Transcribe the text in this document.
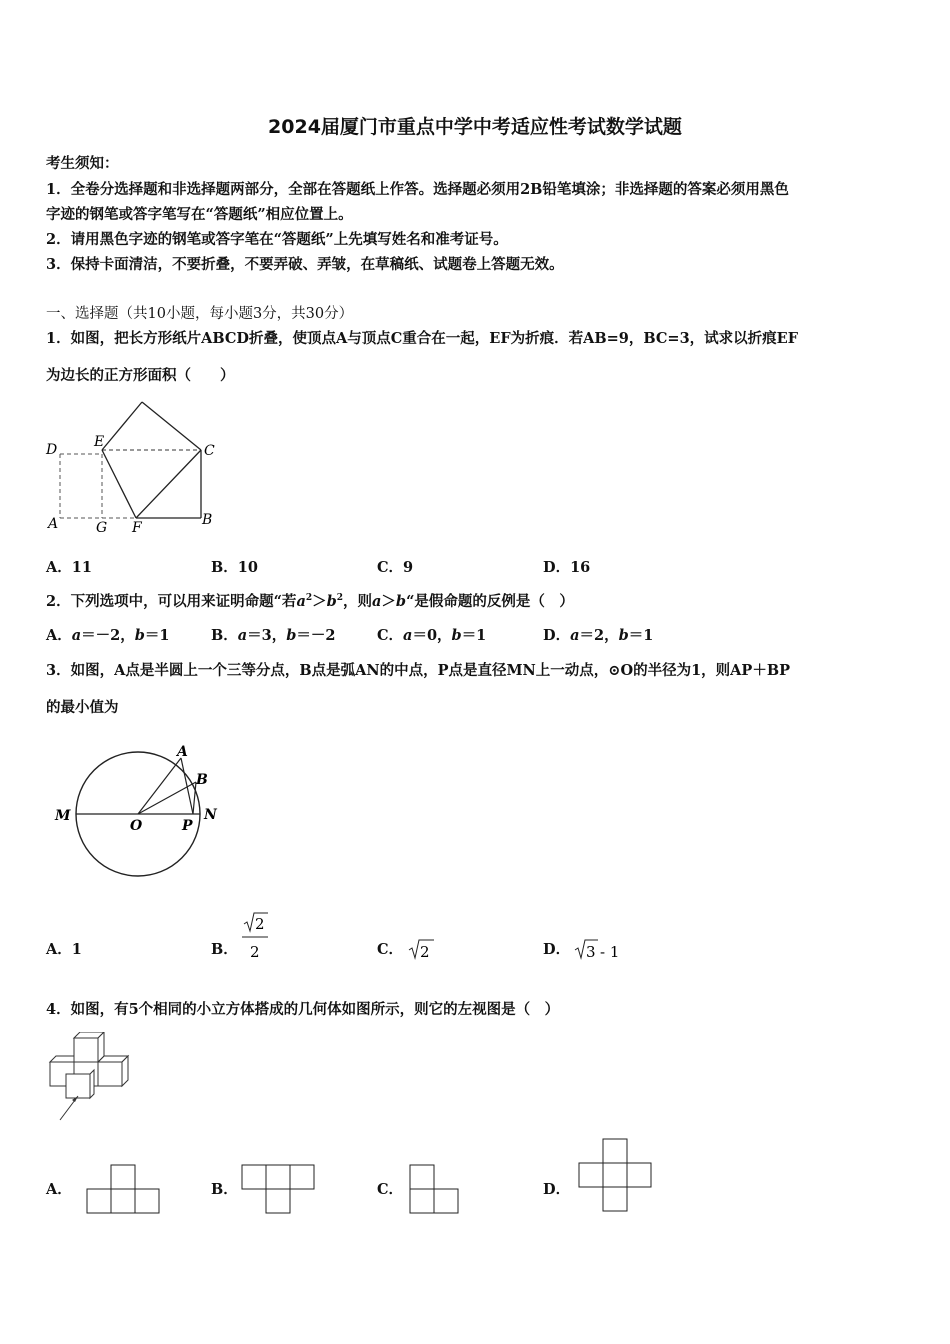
2024届厦门市重点中学中考适应性考试数学试题
考生须知：
1．全卷分选择题和非选择题两部分，全部在答题纸上作答。选择题必须用2B铅笔填涂；非选择题的答案必须用黑色
字迹的钢笔或答字笔写在“答题纸”相应位置上。
2．请用黑色字迹的钢笔或答字笔在“答题纸”上先填写姓名和准考证号。
3．保持卡面清洁，不要折叠，不要弄破、弄皱，在草稿纸、试题卷上答题无效。
一、选择题（共10小题，每小题3分，共30分）
1．如图，把长方形纸片ABCD折叠，使顶点A与顶点C重合在一起，EF为折痕．若AB=9，BC=3，试求以折痕EF
为边长的正方形面积（　　）
D	E
C
A	G F	B
A．11	B．10	C．9	D．16
2．下列选项中，可以用来证明命题“若$a^2>b^2$，则a＞b“是假命题的反例是（　）
A．a＝－2，b＝1	B．a＝3，b＝－2	C．a＝0，b＝1	D．a＝2，b＝1
3．如图，A点是半圆上一个三等分点，B点是弧AN的中点，P点是直径MN上一动点，⊙O的半径为1，则AP＋BP
的最小值为
A
B
M
O	P
N
A．1	B．
2
2	C． 2	D． 3 - 1
4．如图，有5个相同的小立方体搭成的几何体如图所示，则它的左视图是（　）
A．	B．	C．	D．
